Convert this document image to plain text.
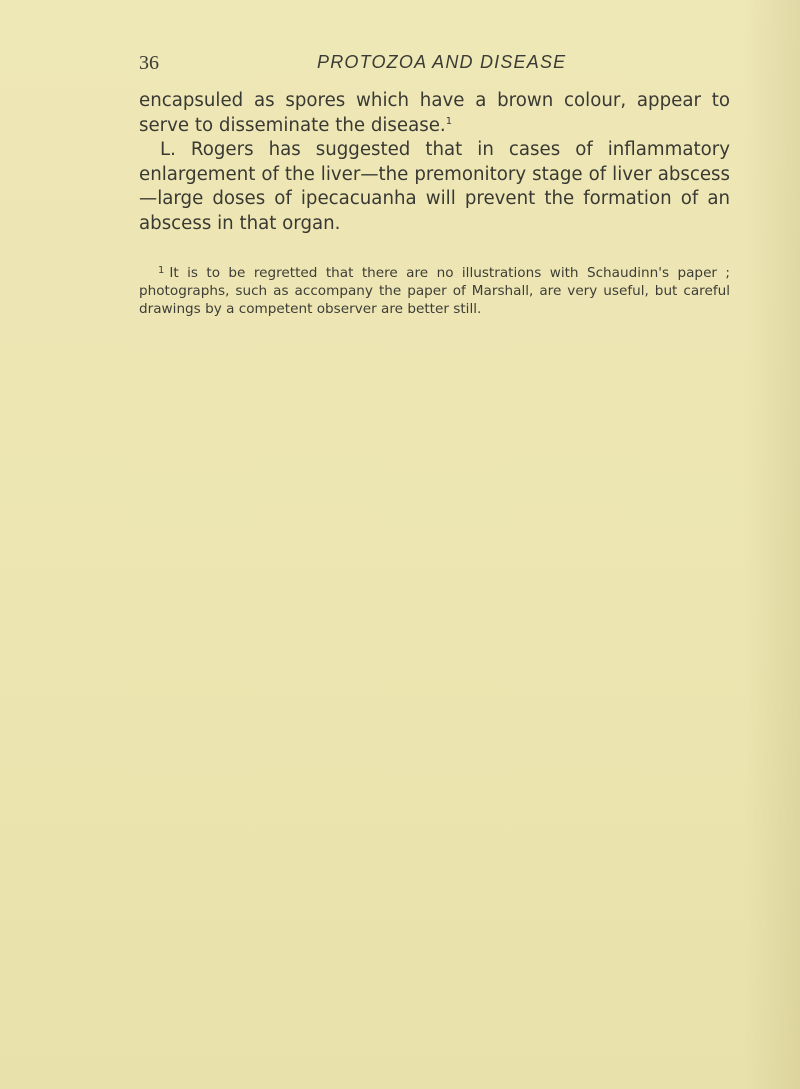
36	PROTOZOA AND DISEASE

encapsuled as spores which have a brown colour, appear to serve to disseminate the disease.$^1$

L. Rogers has suggested that in cases of inflammatory enlargement of the liver—the premonitory stage of liver abscess—large doses of ipecacuanha will prevent the formation of an abscess in that organ.

$^1$ It is to be regretted that there are no illustrations with Schaudinn's paper ; photographs, such as accompany the paper of Marshall, are very useful, but careful drawings by a competent observer are better still.
